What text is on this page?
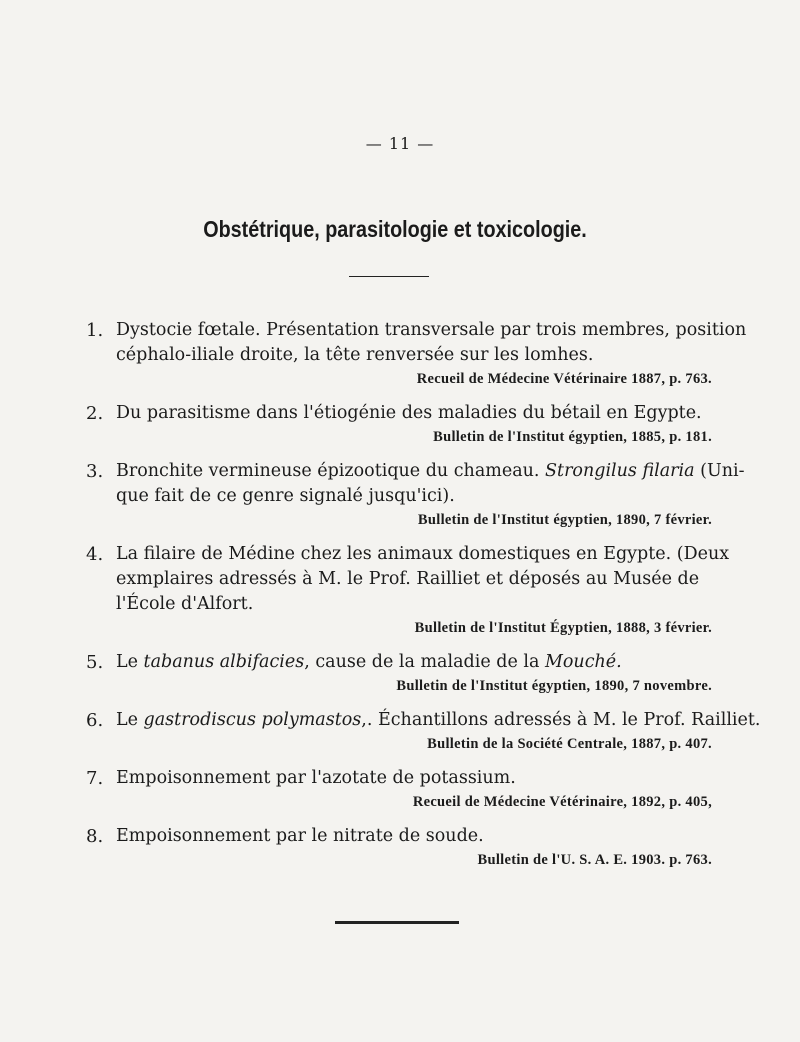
— 11 —
Obstétrique, parasitologie et toxicologie.
1. Dystocie fœtale. Présentation transversale par trois membres, position
céphalo-iliale droite, la tête renversée sur les lomhes.
Recueil de Médecine Vétérinaire 1887, p. 763.
2. Du parasitisme dans l'étiogénie des maladies du bétail en Egypte.
Bulletin de l'Institut égyptien, 1885, p. 181.
3. Bronchite vermineuse épizootique du chameau. Strongilus filaria (Uni-
que fait de ce genre signalé jusqu'ici).
Bulletin de l'Institut égyptien, 1890, 7 février.
4. La filaire de Médine chez les animaux domestiques en Egypte. (Deux
exmplaires adressés à M. le Prof. Railliet et déposés au Musée de
l'École d'Alfort.
Bulletin de l'Institut Égyptien, 1888, 3 février.
5. Le tabanus albifacies, cause de la maladie de la Mouché.
Bulletin de l'Institut égyptien, 1890, 7 novembre.
6. Le gastrodiscus polymastos,. Échantillons adressés à M. le Prof. Railliet.
Bulletin de la Société Centrale, 1887, p. 407.
7. Empoisonnement par l'azotate de potassium.
Recueil de Médecine Vétérinaire, 1892, p. 405,
8. Empoisonnement par le nitrate de soude.
Bulletin de l'U. S. A. E. 1903. p. 763.
